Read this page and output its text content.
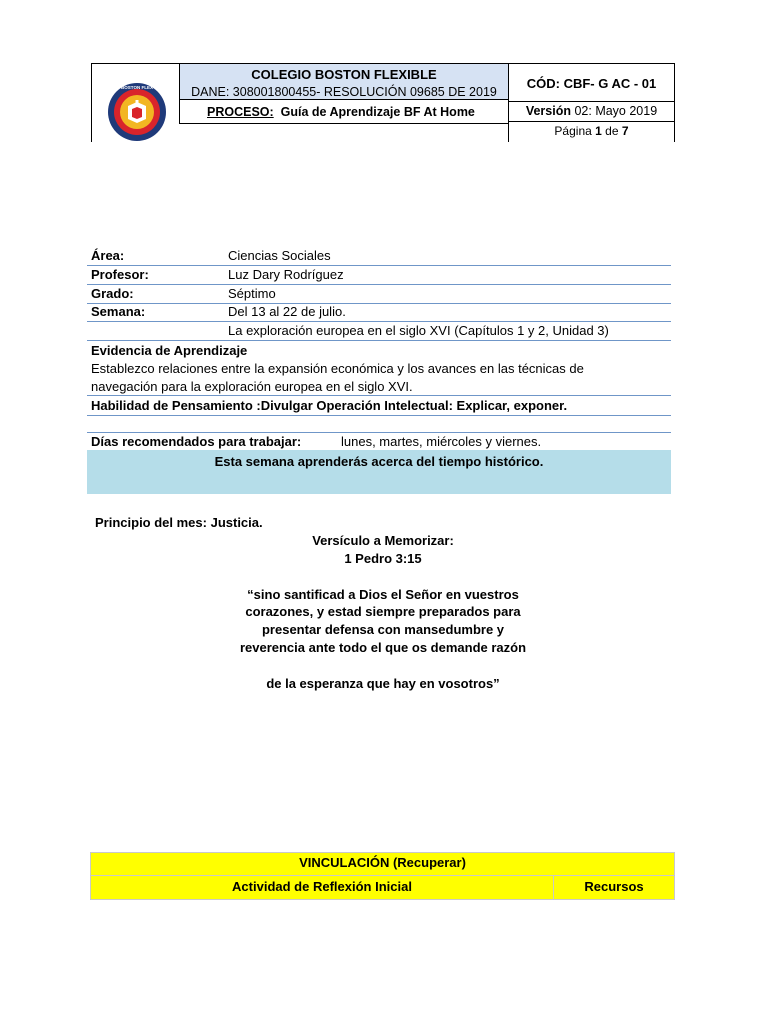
BOSTON FLEX
COLEGIO BOSTON FLEXIBLE
DANE: 308001800455- RESOLUCIÓN 09685 DE 2019
PROCESO: Guía de Aprendizaje BF At Home
CÓD: CBF- G AC - 01
Versión 02: Mayo 2019
Página 1 de 7
Área:	Ciencias Sociales
Profesor:	Luz Dary Rodríguez
Grado:	Séptimo
Semana:	Del 13 al 22 de julio.
La exploración europea en el siglo XVI (Capítulos 1 y 2, Unidad 3)
Evidencia de Aprendizaje
Establezco relaciones entre la expansión económica y los avances en las técnicas de
navegación para la exploración europea en el siglo XVI.
Habilidad de Pensamiento :Divulgar Operación Intelectual: Explicar, exponer.
Días recomendados para trabajar:	lunes, martes, miércoles y viernes.
Esta semana aprenderás acerca del tiempo histórico.
Principio del mes: Justicia.
Versículo a Memorizar:
1 Pedro 3:15
“sino santificad a Dios el Señor en vuestros
corazones, y estad siempre preparados para
presentar defensa con mansedumbre y
reverencia ante todo el que os demande razón
de la esperanza que hay en vosotros”
VINCULACIÓN (Recuperar)
Actividad de Reflexión Inicial	Recursos
